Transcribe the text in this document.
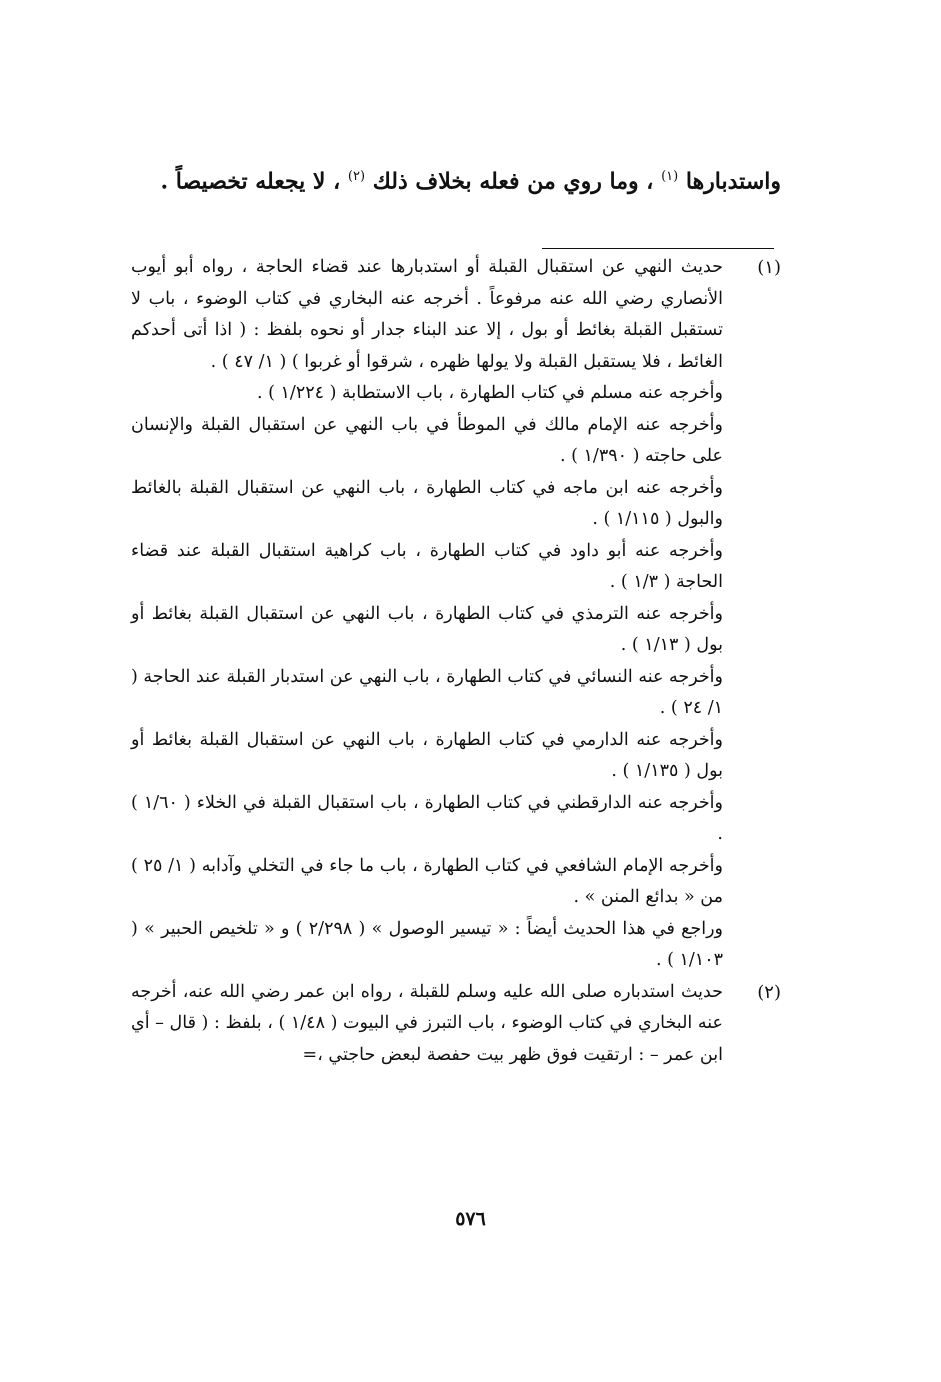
واستدبارها $^{(١)}$ ، وما روي من فعله بخلاف ذلك $^{(٢)}$ ، لا يجعله تخصيصاً .
(١)

حديث النهي عن استقبال القبلة أو استدبارها عند قضاء الحاجة ، رواه أبو أيوب الأنصاري رضي الله عنه مرفوعاً . أخرجه عنه البخاري في كتاب الوضوء ، باب لا تستقبل القبلة بغائط أو بول ، إلا عند البناء جدار أو نحوه بلفظ : ( اذا أتى أحدكم الغائط ، فلا يستقبل القبلة ولا يولها ظهره ، شرقوا أو غربوا ) ( ١/ ٤٧ ) .

وأخرجه عنه مسلم في كتاب الطهارة ، باب الاستطابة ( ١/٢٢٤ ) .

وأخرجه عنه الإمام مالك في الموطأ في باب النهي عن استقبال القبلة والإنسان على حاجته ( ١/٣٩٠ ) .

وأخرجه عنه ابن ماجه في كتاب الطهارة ، باب النهي عن استقبال القبلة بالغائط والبول ( ١/١١٥ ) .

وأخرجه عنه أبو داود في كتاب الطهارة ، باب كراهية استقبال القبلة عند قضاء الحاجة ( ١/٣ ) .

وأخرجه عنه الترمذي في كتاب الطهارة ، باب النهي عن استقبال القبلة بغائط أو بول ( ١/١٣ ) .

وأخرجه عنه النسائي في كتاب الطهارة ، باب النهي عن استدبار القبلة عند الحاجة ( ١/ ٢٤ ) .

وأخرجه عنه الدارمي في كتاب الطهارة ، باب النهي عن استقبال القبلة بغائط أو بول ( ١/١٣٥ ) .

وأخرجه عنه الدارقطني في كتاب الطهارة ، باب استقبال القبلة في الخلاء ( ١/٦٠ ) .

وأخرجه الإمام الشافعي في كتاب الطهارة ، باب ما جاء في التخلي وآدابه ( ١/ ٢٥ ) من « بدائع المنن » .

وراجع في هذا الحديث أيضاً : « تيسير الوصول » ( ٢/٢٩٨ ) و « تلخيص الحبير » ( ١/١٠٣ ) .

(٢)

حديث استدباره صلى الله عليه وسلم للقبلة ، رواه ابن عمر رضي الله عنه، أخرجه عنه البخاري في كتاب الوضوء ، باب التبرز في البيوت ( ١/٤٨ ) ، بلفظ : ( قال – أي ابن عمر – : ارتقيت فوق ظهر بيت حفصة لبعض حاجتي ،=

٥٧٦
